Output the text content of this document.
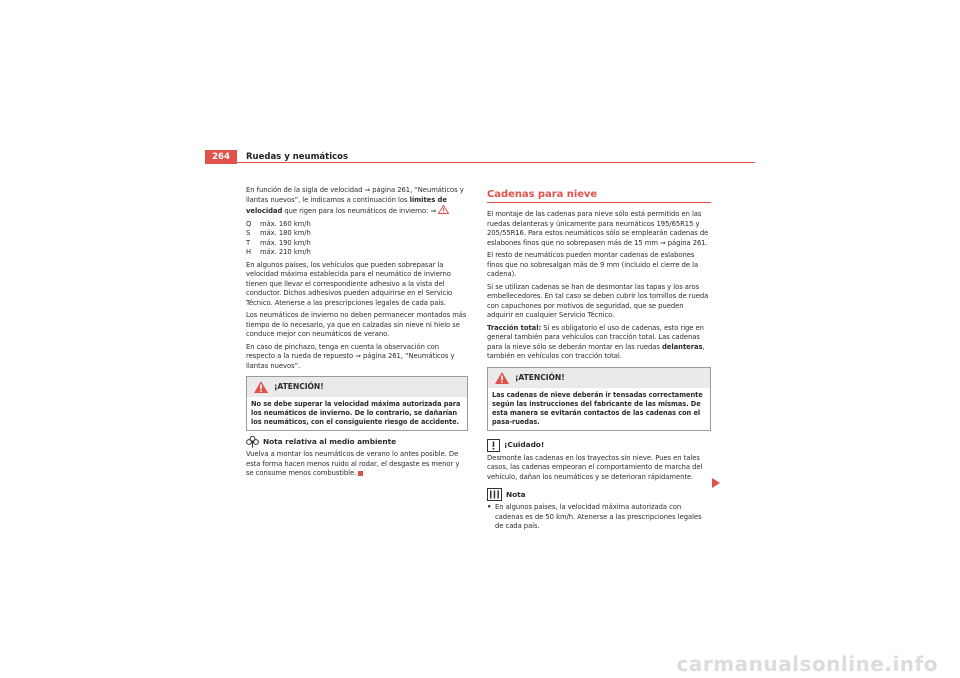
264	Ruedas y neumáticos

En función de la sigla de velocidad ⇒ página 261, “Neumáticos y llantas nuevos”, le indicamos a continuación los límites de velocidad que rigen para los neumáticos de invierno: ⇒

Q	máx. 160 km/h
S	máx. 180 km/h
T	máx. 190 km/h
H	máx. 210 km/h

En algunos países, los vehículos que pueden sobrepasar la velocidad máxima establecida para el neumático de invierno tienen que llevar el correspondiente adhesivo a la vista del conductor. Dichos adhesivos pueden adquirirse en el Servicio Técnico. Atenerse a las prescripciones legales de cada país.

Los neumáticos de invierno no deben permanecer montados más tiempo de lo necesario, ya que en calzadas sin nieve ni hielo se conduce mejor con neumáticos de verano.

En caso de pinchazo, tenga en cuenta la observación con respecto a la rueda de repuesto ⇒ página 261, “Neumáticos y llantas nuevos”.

¡ATENCIÓN!
No se debe superar la velocidad máxima autorizada para los neumáticos de invierno. De lo contrario, se dañarían los neumáticos, con el consiguiente riesgo de accidente.
Nota relativa al medio ambiente

Vuelva a montar los neumáticos de verano lo antes posible. De esta forma hacen menos ruido al rodar, el desgaste es menor y se consume menos combustible.

Cadenas para nieve

El montaje de las cadenas para nieve sólo está permitido en las ruedas delanteras y únicamente para neumáticos 195/65R15 y 205/55R16. Para estos neumáticos sólo se emplearán cadenas de eslabones finos que no sobrepasen más de 15 mm ⇒ página 261.

El resto de neumáticos pueden montar cadenas de eslabones finos que no sobresalgan más de 9 mm (incluido el cierre de la cadena).

Si se utilizan cadenas se han de desmontar las tapas y los aros embellecedores. En tal caso se deben cubrir los tornillos de rueda con capuchones por motivos de seguridad, que se pueden adquirir en cualquier Servicio Técnico.

Tracción total: Si es obligatorio el uso de cadenas, esto rige en general también para vehículos con tracción total. Las cadenas para la nieve sólo se deberán montar en las ruedas delanteras, también en vehículos con tracción total.

¡ATENCIÓN!
Las cadenas de nieve deberán ir tensadas correctamente según las instrucciones del fabricante de las mismas. De esta manera se evitarán contactos de las cadenas con el pasa-ruedas.
¡Cuidado!

Desmonte las cadenas en los trayectos sin nieve. Pues en tales casos, las cadenas empeoran el comportamiento de marcha del vehículo, dañan los neumáticos y se deterioran rápidamente.

Nota
• En algunos países, la velocidad máxima autorizada con cadenas es de 50 km/h. Atenerse a las prescripciones legales de cada país.
carmanualsonline.info
